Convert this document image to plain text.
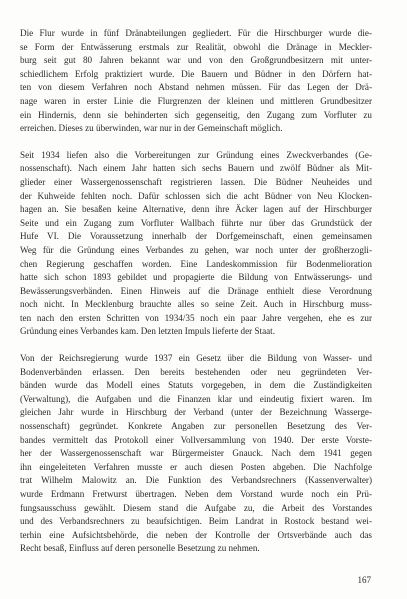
Die Flur wurde in fünf Dränabteilungen gegliedert. Für die Hirschburger wurde die-
se Form der Entwässerung erstmals zur Realität, obwohl die Dränage in Meckler-
burg seit gut 80 Jahren bekannt war und von den Großgrundbesitzern mit unter-
schiedlichem Erfolg praktiziert wurde. Die Bauern und Büdner in den Dörfern hat-
ten von diesem Verfahren noch Abstand nehmen müssen. Für das Legen der Drä-
nage waren in erster Linie die Flurgrenzen der kleinen und mittleren Grundbesitzer
ein Hindernis, denn sie behinderten sich gegenseitig, den Zugang zum Vorfluter zu
erreichen. Dieses zu überwinden, war nur in der Gemeinschaft möglich.

Seit 1934 liefen also die Vorbereitungen zur Gründung eines Zweckverbandes (Ge-
nossenschaft). Nach einem Jahr hatten sich sechs Bauern und zwölf Büdner als Mit-
glieder einer Wassergenossenschaft registrieren lassen. Die Büdner Neuheides und
der Kuhweide fehlten noch. Dafür schlossen sich die acht Büdner von Neu Klocken-
hagen an. Sie besaßen keine Alternative, denn ihre Äcker lagen auf der Hirschburger
Seite und ein Zugang zum Vorfluter Wallbach führte nur über das Grundstück der
Hufe VI. Die Voraussetzung innerhalb der Dorfgemeinschaft, einen gemeinsamen
Weg für die Gründung eines Verbandes zu gehen, war noch unter der großherzogli-
chen Regierung geschaffen worden. Eine Landeskommission für Bodenmelioration
hatte sich schon 1893 gebildet und propagierte die Bildung von Entwässerungs- und
Bewässerungsverbänden. Einen Hinweis auf die Dränage enthielt diese Verordnung
noch nicht. In Mecklenburg brauchte alles so seine Zeit. Auch in Hirschburg muss-
ten nach den ersten Schritten von 1934/35 noch ein paar Jahre vergehen, ehe es zur
Gründung eines Verbandes kam. Den letzten Impuls lieferte der Staat.

Von der Reichsregierung wurde 1937 ein Gesetz über die Bildung von Wasser- und
Bodenverbänden erlassen. Den bereits bestehenden oder neu gegründeten Ver-
bänden wurde das Modell eines Statuts vorgegeben, in dem die Zuständigkeiten
(Verwaltung), die Aufgaben und die Finanzen klar und eindeutig fixiert waren. Im
gleichen Jahr wurde in Hirschburg der Verband (unter der Bezeichnung Wasserge-
nossenschaft) gegründet. Konkrete Angaben zur personellen Besetzung des Ver-
bandes vermittelt das Protokoll einer Vollversammlung von 1940. Der erste Vorste-
her der Wassergenossenschaft war Bürgermeister Gnauck. Nach dem 1941 gegen
ihn eingeleiteten Verfahren musste er auch diesen Posten abgeben. Die Nachfolge
trat Wilhelm Malowitz an. Die Funktion des Verbandsrechners (Kassenverwalter)
wurde Erdmann Fretwurst übertragen. Neben dem Vorstand wurde noch ein Prü-
fungsausschuss gewählt. Diesem stand die Aufgabe zu, die Arbeit des Vorstandes
und des Verbandsrechners zu beaufsichtigen. Beim Landrat in Rostock bestand wei-
terhin eine Aufsichtsbehörde, die neben der Kontrolle der Ortsverbände auch das
Recht besaß, Einfluss auf deren personelle Besetzung zu nehmen.

167
